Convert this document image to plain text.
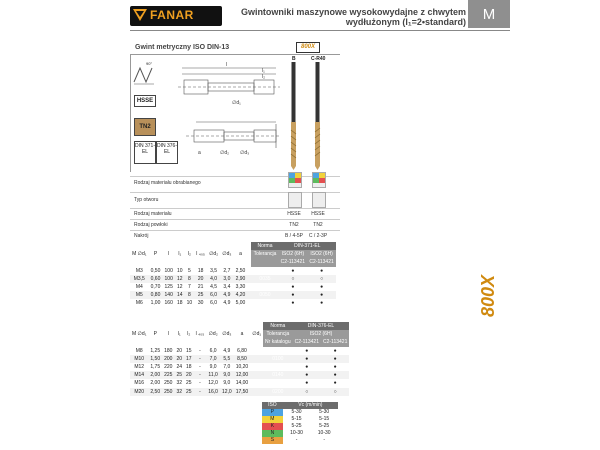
FANAR	Gwintowniki maszynowe wysokowydajne z chwytem
wydłużonym (l₁=2•standard)	M
Gwint metryczny ISO DIN-13
90°
HSSE
TN2
DIN 371-EL
DIN 376-EL
l
l₁
l₂
∅d₁
∅d₂ ∅d₃
a
800X
B	C-R40
Rodzaj materiału obrabianego
Typ otworu
Rodzaj materiału	HSSE	HSSE
Rodzaj powłoki	TN2	TN2
Nakrój	B / 4-5P	C / 2-3P
										Norma	DIN-371-EL	
M ∅d₁	P	l	l₁	l₂	l ₄₀₅	∅d₂	∅d₃	a		Tolerancja	ISO2 (6H)	ISO2 (6H)
											C2-113421	C2-113421
M3	0,50	100	10	5	18	3,5	2,7	2,50		0030	●	●
M3,5	0,60	100	12	8	20	4,0	3,0	2,90		0035	○	○
M4	0,70	125	12	7	21	4,5	3,4	3,30		0040	●	●
M5	0,80	140	14	8	25	6,0	4,9	4,20		0050	●	●
M6	1,00	160	18	10	30	6,0	4,9	5,00		0060	●	●	800X
										Norma	DIN-376-EL	
M ∅d₁	P	l	l₁	l₂	l ₄₀₅	∅d₂	∅d₃	a	∅d₁	Tolerancja	ISO2 (6H)	
										Nr katalogu	C2-113421	C2-113421
M8	1,25	180	20	15	-	6,0	4,9	6,80		0080	●	●
M10	1,50	200	20	17	-	7,0	5,5	8,50		0100	●	●
M12	1,75	220	24	18	-	9,0	7,0	10,20		0120	●	●
M14	2,00	225	25	20	-	11,0	9,0	12,00		0140	●	●
M16	2,00	250	32	25	-	12,0	9,0	14,00		0160	●	●
M20	2,50	250	32	25	-	16,0	12,0	17,50		0200	○	○
ISO	Vc (m/min)	
P	5-30	5-30
M	5-15	5-15
K	5-25	5-25
N	10-30	10-30
S	-	-
